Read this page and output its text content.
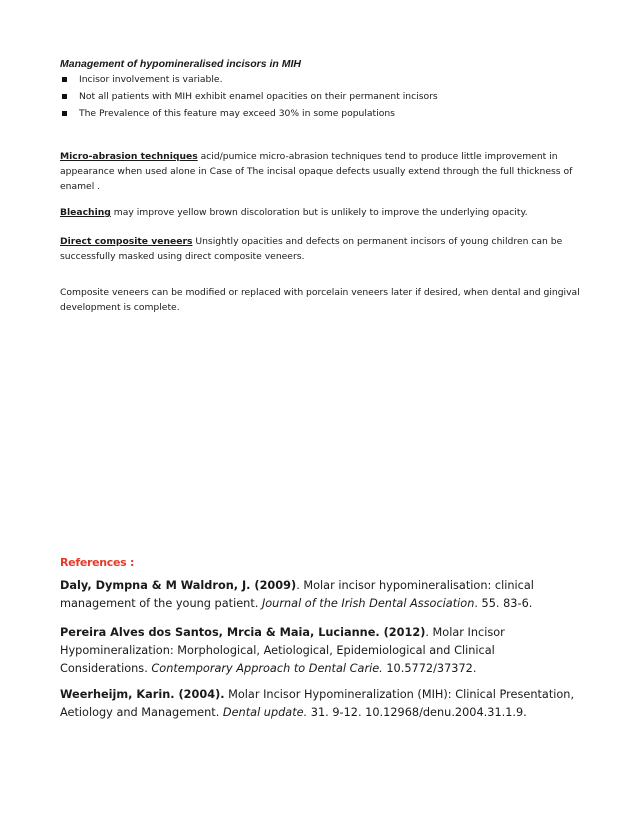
Management of hypomineralised incisors in MIH

Incisor involvement is variable.
Not all patients with MIH exhibit enamel opacities on their permanent incisors
The Prevalence of this feature may exceed 30% in some populations

Micro-abrasion techniques acid/pumice micro-abrasion techniques tend to produce little improvement in appearance when used alone in Case of The incisal opaque defects usually extend through the full thickness of enamel .

Bleaching may improve yellow brown discoloration but is unlikely to improve the underlying opacity.

Direct composite veneers Unsightly opacities and defects on permanent incisors of young children can be successfully masked using direct composite veneers.

Composite veneers can be modified or replaced with porcelain veneers later if desired, when dental and gingival development is complete.

References :

Daly, Dympna & M Waldron, J. (2009). Molar incisor hypomineralisation: clinical management of the young patient. Journal of the Irish Dental Association. 55. 83-6.

Pereira Alves dos Santos, Mrcia & Maia, Lucianne. (2012). Molar Incisor Hypomineralization: Morphological, Aetiological, Epidemiological and Clinical Considerations. Contemporary Approach to Dental Carie. 10.5772/37372.

Weerheijm, Karin. (2004). Molar Incisor Hypomineralization (MIH): Clinical Presentation, Aetiology and Management. Dental update. 31. 9-12. 10.12968/denu.2004.31.1.9.
